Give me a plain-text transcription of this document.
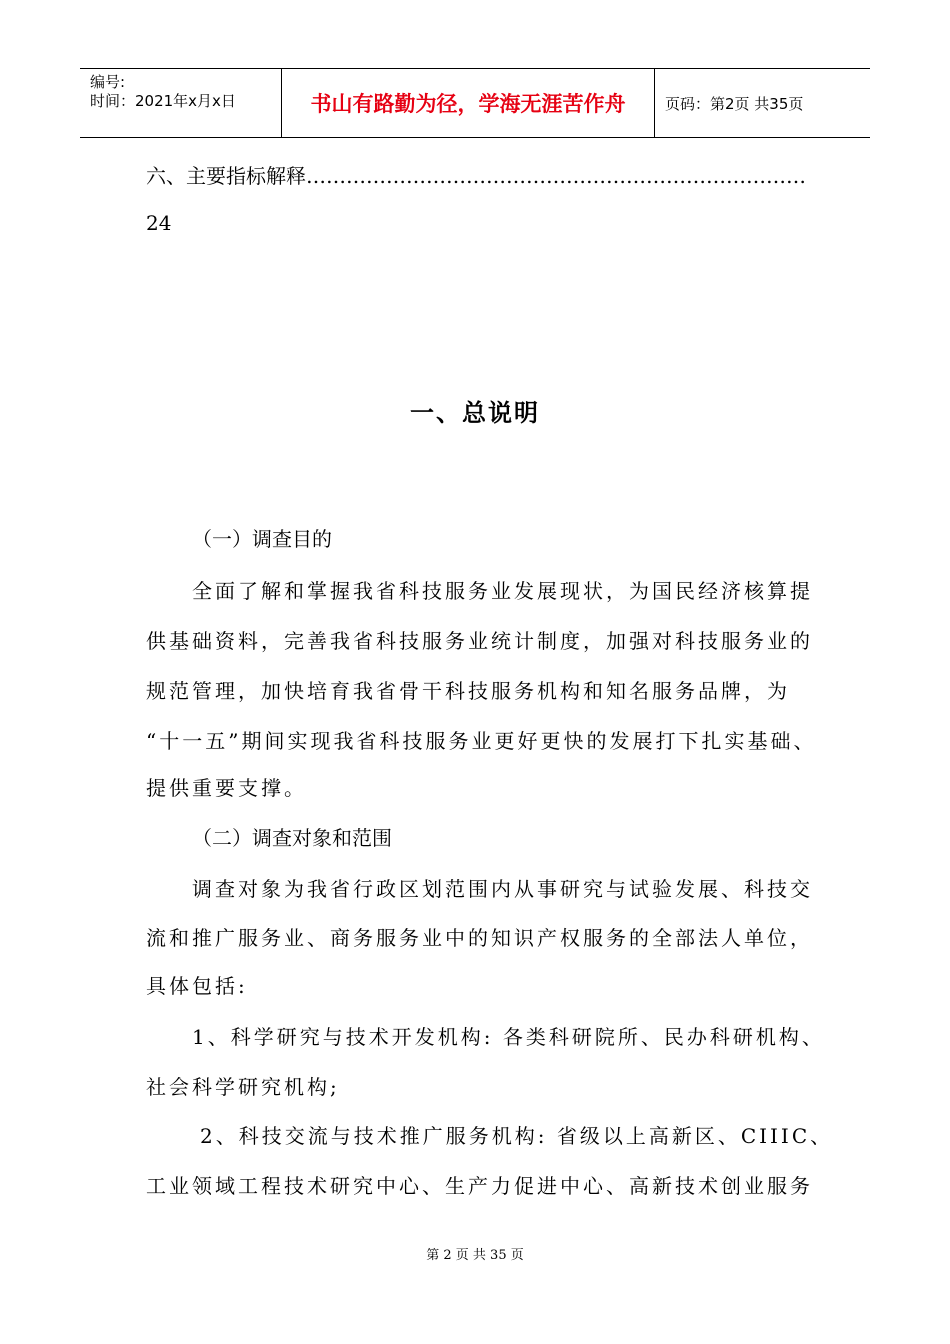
编号:
时间：2021年x月x日	书山有路勤为径，学海无涯苦作舟	页码：第2页 共35页
六、主要指标解释…………………………………………………………………
24
一、总说明
（一）调查目的
全面了解和掌握我省科技服务业发展现状，为国民经济核算提
供基础资料，完善我省科技服务业统计制度，加强对科技服务业的
规范管理，加快培育我省骨干科技服务机构和知名服务品牌，为
“十一五”期间实现我省科技服务业更好更快的发展打下扎实基础、
提供重要支撑。
（二）调查对象和范围
调查对象为我省行政区划范围内从事研究与试验发展、科技交
流和推广服务业、商务服务业中的知识产权服务的全部法人单位，
具体包括:
1、科学研究与技术开发机构: 各类科研院所、民办科研机构、
社会科学研究机构;
2、科技交流与技术推广服务机构: 省级以上高新区、CIIIC、
工业领域工程技术研究中心、生产力促进中心、高新技术创业服务
第 2 页 共 35 页
